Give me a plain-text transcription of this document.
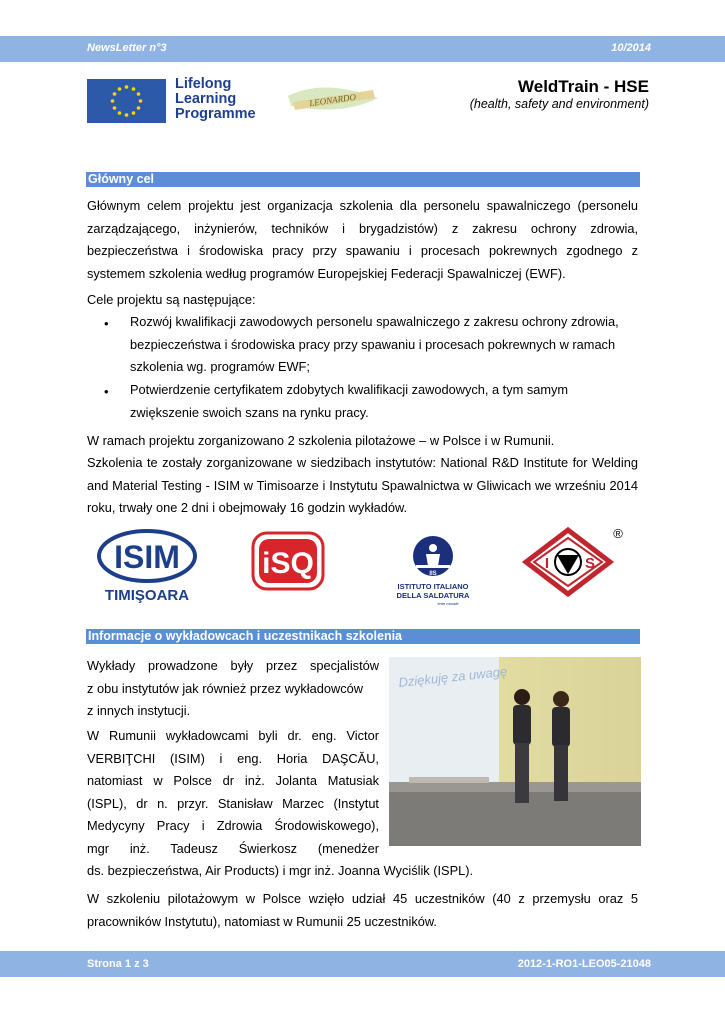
NewsLetter n°3	10/2014
Lifelong
Learning
Programme
LEONARDO
WeldTrain - HSE
(health, safety and environment)
Główny cel
Głównym celem projektu jest organizacja szkolenia dla personelu spawalniczego (personelu zarządzającego, inżynierów, techników i brygadzistów) z zakresu ochrony zdrowia, bezpieczeństwa i środowiska pracy przy spawaniu i procesach pokrewnych zgodnego z systemem szkolenia według programów Europejskiej Federacji Spawalniczej (EWF).
Cele projektu są następujące:
• Rozwój kwalifikacji zawodowych personelu spawalniczego z zakresu ochrony zdrowia, bezpieczeństwa i środowiska pracy przy spawaniu i procesach pokrewnych w ramach szkolenia wg. programów EWF;
• Potwierdzenie certyfikatem zdobytych kwalifikacji zawodowych, a tym samym zwiększenie swoich szans na rynku pracy.
W ramach projektu zorganizowano 2 szkolenia pilotażowe – w Polsce i w Rumunii.
Szkolenia te zostały zorganizowane w siedzibach instytutów: National R&D Institute for Welding and Material Testing - ISIM w Timisoarze i Instytutu Spawalnictwa w Gliwicach we wrześniu 2014 roku, trwały one 2 dni i obejmowały 16 godzin wykładów.
ISIM
TIMIŞOARA
iSQ	IIS
ISTITUTO ITALIANO
DELLA SALDATURA
ente morale
I S
®
Informacje o wykładowcach i uczestnikach szkolenia
Wykłady prowadzone były przez specjalistów
z obu instytutów jak również przez wykładowców
z innych instytucji.
W Rumunii wykładowcami byli dr. eng. Victor
VERBIŢCHI (ISIM) i eng. Horia DAŞCĂU,
natomiast w Polsce dr inż. Jolanta Matusiak
(ISPL), dr n. przyr. Stanisław Marzec (Instytut
Medycyny Pracy i Zdrowia Środowiskowego),
mgr inż. Tadeusz Świerkosz (menedżer
ds. bezpieczeństwa, Air Products) i mgr inż. Joanna Wyciślik (ISPL).
W szkoleniu pilotażowym w Polsce wzięło udział 45 uczestników (40 z przemysłu oraz 5 pracowników Instytutu), natomiast w Rumunii 25 uczestników.
Dziękuję za uwagę
Strona 1 z 3	2012-1-RO1-LEO05-21048
